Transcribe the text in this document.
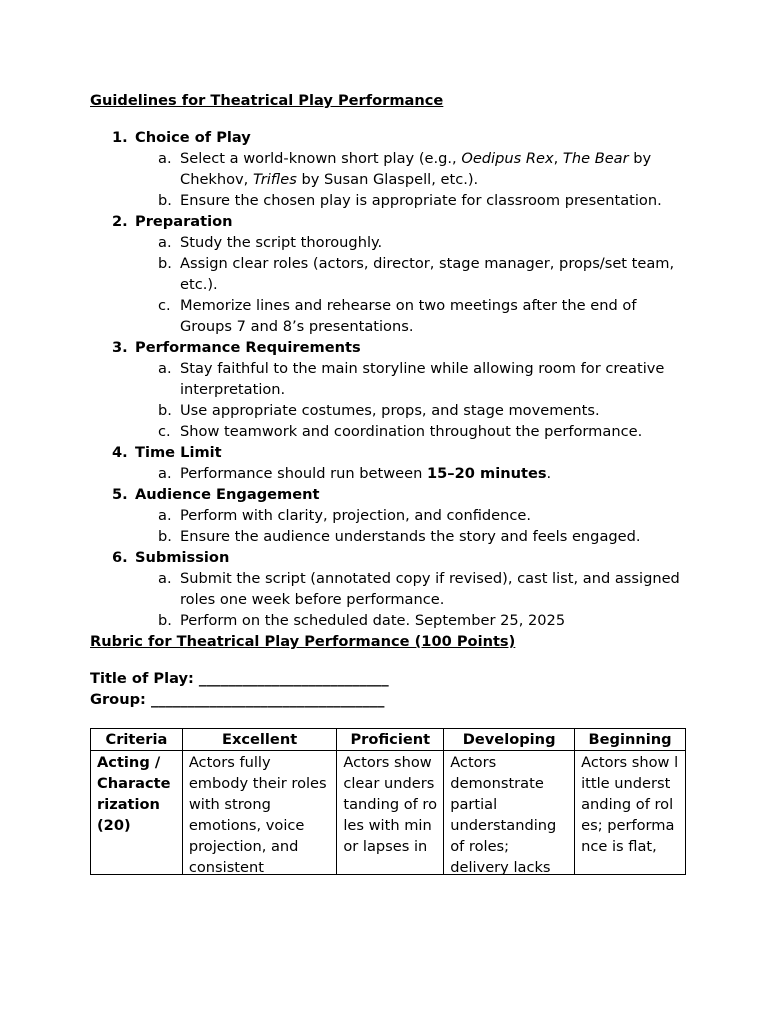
Guidelines for Theatrical Play Performance
1. Choice of Play
a. Select a world-known short play (e.g., Oedipus Rex, The Bear by Chekhov, Trifles by Susan Glaspell, etc.).
b. Ensure the chosen play is appropriate for classroom presentation.
2. Preparation
a. Study the script thoroughly.
b. Assign clear roles (actors, director, stage manager, props/set team, etc.).
c. Memorize lines and rehearse on two meetings after the end of Groups 7 and 8’s presentations.
3. Performance Requirements
a. Stay faithful to the main storyline while allowing room for creative interpretation.
b. Use appropriate costumes, props, and stage movements.
c. Show teamwork and coordination throughout the performance.
4. Time Limit
a. Performance should run between 15–20 minutes.
5. Audience Engagement
a. Perform with clarity, projection, and confidence.
b. Ensure the audience understands the story and feels engaged.
6. Submission
a. Submit the script (annotated copy if revised), cast list, and assigned roles one week before performance.
b. Perform on the scheduled date. September 25, 2025
Rubric for Theatrical Play Performance (100 Points)
Title of Play: __________________________
Group: ________________________________
Criteria	Excellent	Proficient	Developing	Beginning

Acting / Characterization (20)	Actors fully embody their roles with strong emotions, voice projection, and consistent	Actors show clear understanding of roles with minor lapses in	Actors demonstrate partial understanding of roles; delivery lacks	Actors show little understanding of roles; performance is flat,
